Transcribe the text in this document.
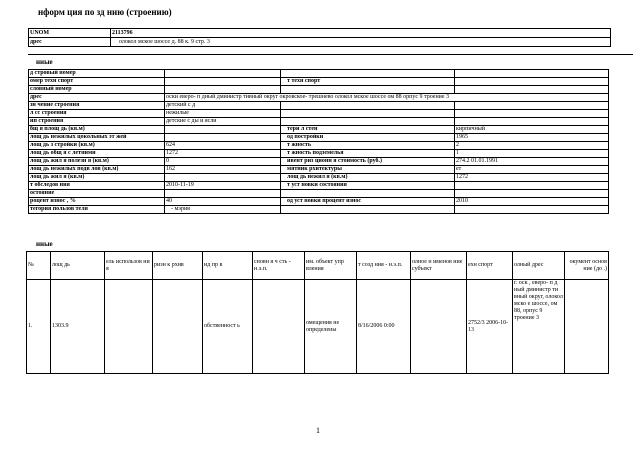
нформ ция по зд нию (строению)
UNOM	2113796
дрес	олокол мское шоссе д. 88 к. 9 стр. 3
нные
д стровый номер			
омер техн спорт		т техн спорт	
словный номер			
дрес	оски еверо- п дный дминистр тивный округ окровское- трешнево олокол мское шоссе ом 88 орпус 9 троение 3		
зн чение строения	детский с д		
л сс строения	нежилые		
ип строения	детские с ды и ясли		
бщ я площ дь (кв.м)		тери л стен	кирпичный
лощ дь нежилых цокольных эт жей		од постройки	1965
лощ дь з стройки (кв.м)	624	т жность	2
лощ дь общ я с летними	1272	т жность подземелья	1
лощ дь жил я полезн я (кв.м)	0	ивент риз ционн я стоимость (руб.)	274.2 01.01.1991
лощ дь нежилых подв лов (кв.м)	162	мятник рхитектуры	ет
лощ дь жил я (кв.м)		лощ дь нежил я (кв.м)	1272
т обследов ния	2010-11-19	т уст новки состояния	
остояние			
роцент износ , %	40	од уст новки процент износ	2010
тегория пользов теля	- мэрия		
нные
№	лощ дь	ель использов ни я	ризн к рхив	ид пр в	сновн я ч сть - н.э.п.	им. объект упр вления	т созд ния - н.э.п.	олное н именов ние субъект	ехн спорт	олный дрес	окумент основ ние (до .)
1.	1303.9			обственност ь		омещения не определены	8/16/2006 0:00		2752/3 2006-10-13	г. оск , еверо- п д ный дминистр ти вный округ, олокол мско е шоссе, ом 88, орпус 9 троение 3	
1
